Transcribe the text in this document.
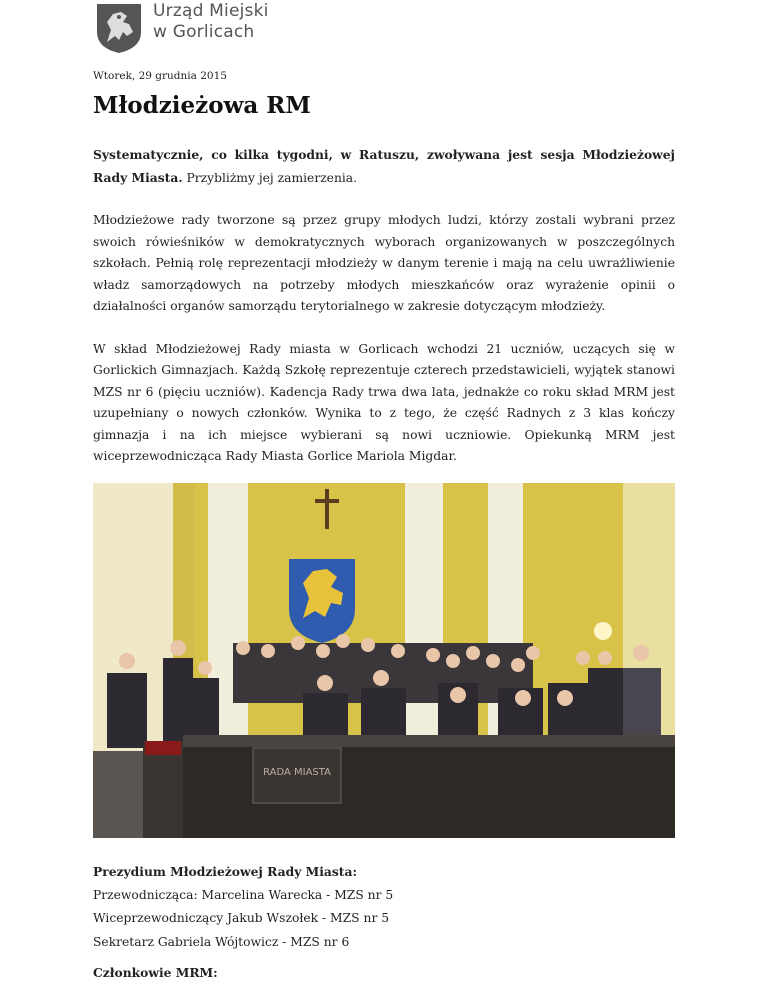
Urząd Miejski
w Gorlicach
Wtorek, 29 grudnia 2015
Młodzieżowa RM

Systematycznie, co kilka tygodni, w Ratuszu, zwoływana jest sesja Młodzieżowej Rady Miasta. Przybliżmy jej zamierzenia.

Młodzieżowe rady tworzone są przez grupy młodych ludzi, którzy zostali wybrani przez swoich rówieśników w demokratycznych wyborach organizowanych w poszczególnych szkołach. Pełnią rolę reprezentacji młodzieży w danym terenie i mają na celu uwrażliwienie władz samorządowych na potrzeby młodych mieszkańców oraz wyrażenie opinii o działalności organów samorządu terytorialnego w zakresie dotyczącym młodzieży.

W skład Młodzieżowej Rady miasta w Gorlicach wchodzi 21 uczniów, uczących się w Gorlickich Gimnazjach. Każdą Szkołę reprezentuje czterech przedstawicieli, wyjątek stanowi MZS nr 6 (pięciu uczniów). Kadencja Rady trwa dwa lata, jednakże co roku skład MRM jest uzupełniany o nowych członków. Wynika to z tego, że część Radnych z 3 klas kończy gimnazja i na ich miejsce wybierani są nowi uczniowie. Opiekunką MRM jest wiceprzewodnicząca Rady Miasta Gorlice Mariola Migdar.

RADA MIASTA
Prezydium Młodzieżowej Rady Miasta:
Przewodnicząca: Marcelina Warecka - MZS nr 5
Wiceprzewodniczący Jakub Wszołek - MZS nr 5
Sekretarz Gabriela Wójtowicz - MZS nr 6
Członkowie MRM:
